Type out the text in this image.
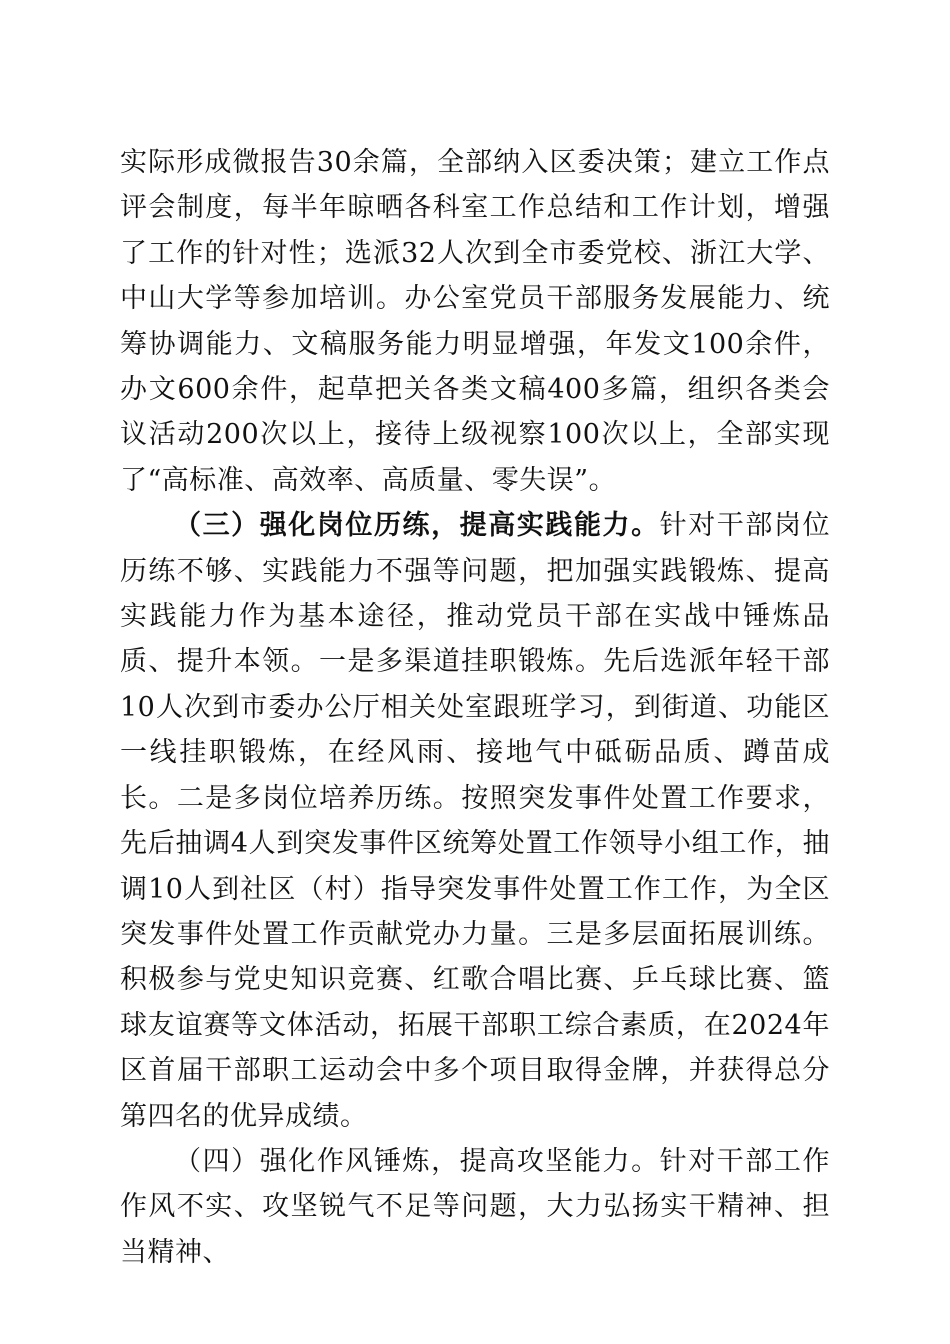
实际形成微报告30余篇，全部纳入区委决策；建立工作点评会制度，每半年晾晒各科室工作总结和工作计划，增强了工作的针对性；选派32人次到全市委党校、浙江大学、中山大学等参加培训。办公室党员干部服务发展能力、统筹协调能力、文稿服务能力明显增强，年发文100余件，办文600余件，起草把关各类文稿400多篇，组织各类会议活动200次以上，接待上级视察100次以上，全部实现了“高标准、高效率、高质量、零失误”。

（三）强化岗位历练，提高实践能力。针对干部岗位历练不够、实践能力不强等问题，把加强实践锻炼、提高实践能力作为基本途径，推动党员干部在实战中锤炼品质、提升本领。一是多渠道挂职锻炼。先后选派年轻干部10人次到市委办公厅相关处室跟班学习，到街道、功能区一线挂职锻炼，在经风雨、接地气中砥砺品质、蹲苗成长。二是多岗位培养历练。按照突发事件处置工作要求，先后抽调4人到突发事件区统筹处置工作领导小组工作，抽调10人到社区（村）指导突发事件处置工作工作，为全区突发事件处置工作贡献党办力量。三是多层面拓展训练。积极参与党史知识竞赛、红歌合唱比赛、乒乓球比赛、篮球友谊赛等文体活动，拓展干部职工综合素质，在2024年区首届干部职工运动会中多个项目取得金牌，并获得总分第四名的优异成绩。

（四）强化作风锤炼，提高攻坚能力。针对干部工作作风不实、攻坚锐气不足等问题，大力弘扬实干精神、担当精神、
